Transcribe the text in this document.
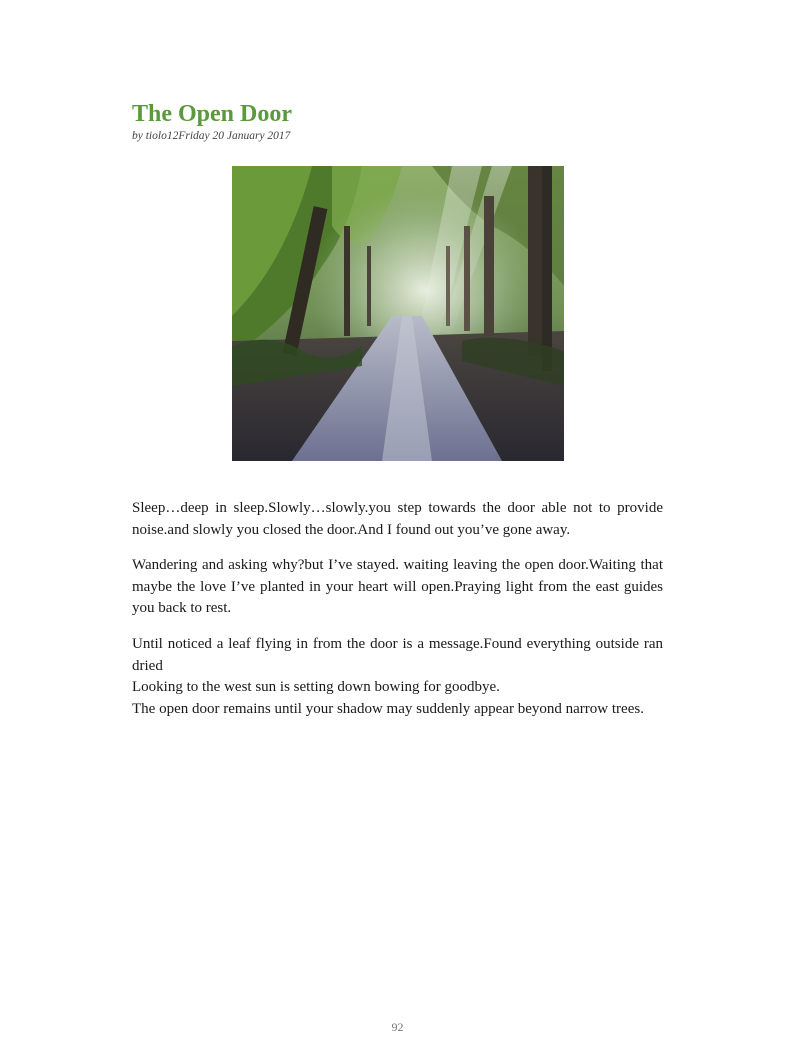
The Open Door
by tiolo12Friday 20 January 2017

Sleep…deep in sleep.Slowly…slowly.you step towards the door able not to provide noise.and slowly you closed the door.And I found out you’ve gone away.

Wandering and asking why?but I’ve stayed. waiting leaving the open door.Waiting that maybe the love I’ve planted in your heart will open.Praying light from the east guides you back to rest.

Until noticed a leaf flying in from the door is a message.Found everything outside ran dried
Looking to the west sun is setting down bowing for goodbye.
The open door remains until your shadow may suddenly appear beyond narrow trees.

92
